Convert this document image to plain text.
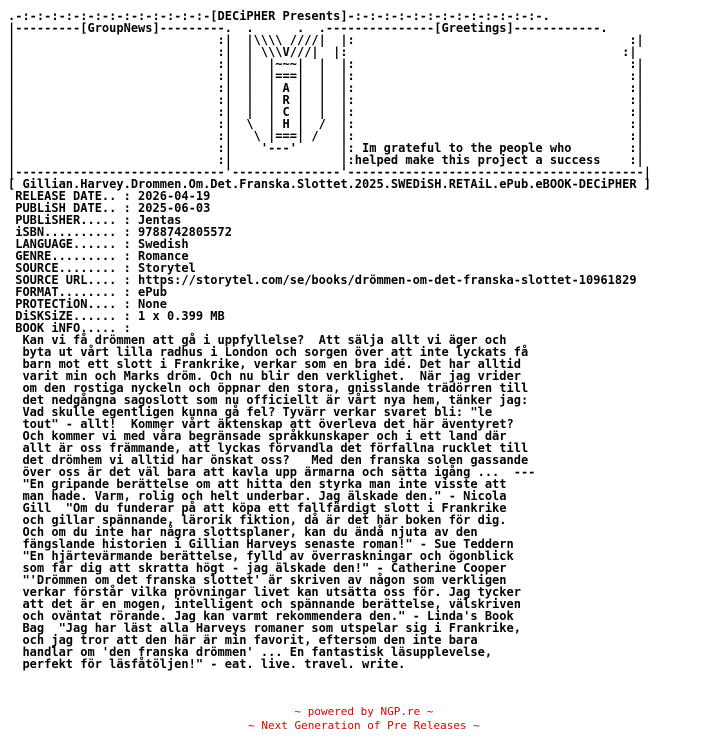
.-:-:-:-:-:-:-:-:-:-:-:-:-:-[DECiPHER Presents]-:-:-:-:-:-:-:-:-:-:-:-:-:-.
|---------[GroupNews]---------.  .      .  .---------------[Greetings]------------.
|                            :|  |\\\\ ////|  |:                                      :|
|                            :|  | \\\V///|  |:                                      :|
|                            :|  |  |~~~|  |  |:                                      :|
|                            :|  |  |===|  |  |:                                      :|
|                            :|  |  | A |  |  |:                                      :|
|                            :|  |  | R |  |  |:                                      :|
|                            :|  |  | C |  |  |:                                      :|
|                            :|  \  | H |  /  |:                                      :|
|                            :|   \ |===| /   |:                                      :|
|                            :|    '---'      |: Im grateful to the people who        :|
|                            :|               |:helped make this project a success    :|
|-----------------------------'---------------'-----------------------------------------|
[ Gillian.Harvey.Drommen.Om.Det.Franska.Slottet.2025.SWEDiSH.RETAiL.ePub.eBOOK-DECiPHER ]
RELEASE DATE.. : 2026-04-19
PUBLiSH DATE.. : 2025-06-03
PUBLiSHER..... : Jentas
iSBN.......... : 9788742805572
LANGUAGE...... : Swedish
GENRE......... : Romance
SOURCE........ : Storytel
SOURCE URL.... : https://storytel.com/se/books/drömmen-om-det-franska-slottet-10961829
FORMAT........ : ePub
PROTECTiON.... : None
DiSKSiZE...... : 1 x 0.399 MB
BOOK iNFO..... :
Kan vi få drömmen att gå i uppfyllelse?  Att sälja allt vi äger och
byta ut vårt lilla radhus i London och sorgen över att inte lyckats få
barn mot ett slott i Frankrike, verkar som en bra idé. Det har alltid
varit min och Marks dröm. Och nu blir den verklighet.  När jag vrider
om den rostiga nyckeln och öppnar den stora, gnisslande trädörren till
det nedgångna sagoslott som nu officiellt är vårt nya hem, tänker jag:
Vad skulle egentligen kunna gå fel? Tyvärr verkar svaret bli: "le
tout" - allt!  Kommer vårt äktenskap att överleva det här äventyret?
Och kommer vi med våra begränsade språkkunskaper och i ett land där
allt är oss främmande, att lyckas förvandla det förfallna rucklet till
det drömhem vi alltid har önskat oss?   Med den franska solen gassande
över oss är det väl bara att kavla upp ärmarna och sätta igång ...  ---
"En gripande berättelse om att hitta den styrka man inte visste att
man hade. Varm, rolig och helt underbar. Jag älskade den." - Nicola
Gill  "Om du funderar på att köpa ett fallfärdigt slott i Frankrike
och gillar spännande, lärorik fiktion, då är det här boken för dig.
Och om du inte har några slottsplaner, kan du ändå njuta av den
fängslande historien i Gillian Harveys senaste roman!" - Sue Teddern
"En hjärtevärmande berättelse, fylld av överraskningar och ögonblick
som får dig att skratta högt - jag älskade den!" - Catherine Cooper
"'Drömmen om det franska slottet' är skriven av någon som verkligen
verkar förstår vilka prövningar livet kan utsätta oss för. Jag tycker
att det är en mogen, intelligent och spännande berättelse, välskriven
och oväntat rörande. Jag kan varmt rekommendera den." - Linda's Book
Bag  "Jag har läst alla Harveys romaner som utspelar sig i Frankrike,
och jag tror att den här är min favorit, eftersom den inte bara
handlar om 'den franska drömmen' ... En fantastisk läsupplevelse,
perfekt för läsfåtöljen!" - eat. live. travel. write.
~ powered by NGP.re ~
~ Next Generation of Pre Releases ~
